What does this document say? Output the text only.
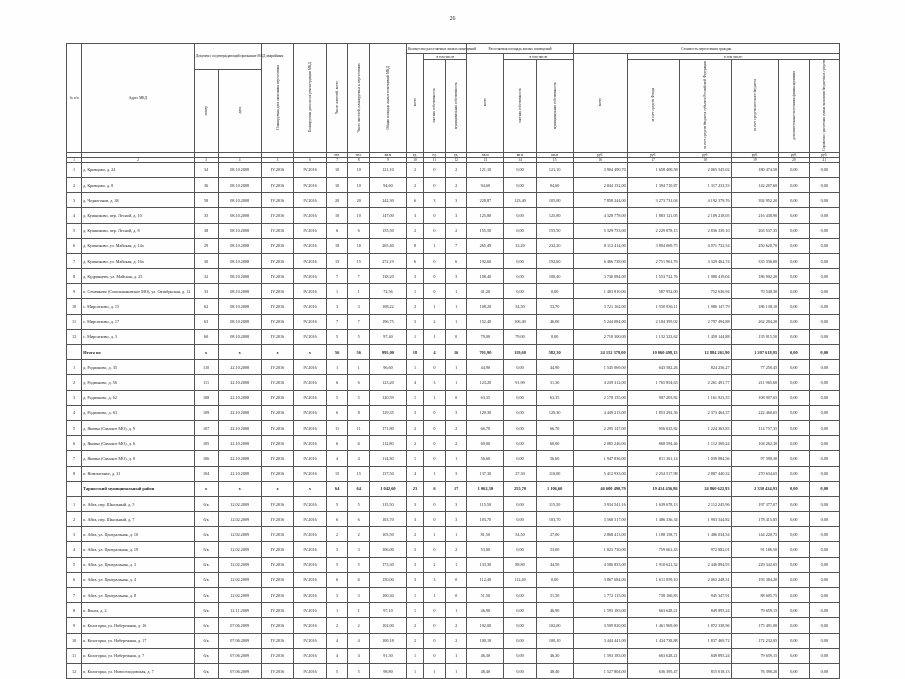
26
№ п/п	Адрес МКД	Документ, подтверждающий признание МКД аварийным		Планируемая дата окончания переселения	Планируемая дата сноса/реконструкции МКД	Число жителей, всего	Число жителей, планируемых к переселению	Общая площадь жилых помещений МКД	Количество расселяемых жилых помещений			Расселяемая площадь жилых помещений			Стоимость переселения граждан					
									всего	в том числе		всего	в том числе		всего	в том числе:				
										частная собственность	муниципальная собственность		частная собственность	муниципальная собственность		за счет средств Фонда	за счет средств бюджета субъекта Российской Федерации	за счет средств местного бюджета	дополнительные источники финансирования	Справочно: расчетная сумма экономии бюджетных средств
		номер	дата																	
						чел.	чел.	кв.м	ед.	ед.	ед.	кв.м	кв.м	кв.м	руб.	руб.	руб.	руб.	руб.	руб.
1	2	3	4	5	6	7	8	9	10	11	12	13	14	15	16	17	18	19	20	21
1	д. Кривцово, д. 24	34	08.10.2008	IV.2016	IV.2016	10	10	121,10	2	0	2	121,10	0,00	121,10	3 904 490,70	1 658 400,58	2 065 545,02	180 474,50	0,00	0,00
2	д. Кривцово, д. 8	36	08.10.2008	IV.2016	IV.2016	10	10	94,60	2	0	2	94,60	0,00	94,60	2 844 152,00	1 394 710,87	1 317 233,53	142 207,60	0,00	0,00
3	д. Чеднегонов, д. 38	58	08.10.2008	IV.2016	IV.2016	20	20	242,30	6	3	3	228,87	123,40	105,00	7 858 244,00	3 273 731,04	4 192 379,76	392 952,20	0,00	0,00
4	д. Кушниково, пер. Лесной, д. 10	35	08.10.2008	IV.2016	IV.2016	10	10	147,00	3	0	3	125,80	0,00	125,80	4 328 778,00	1 883 121,05	2 109 218,05	216 438,90	0,00	0,00
5	д. Кушниково, пер. Лесной, д. 8	38	08.10.2008	IV.2016	IV.2016	6	6	155,50	2	0	2	155,50	0,00	155,50	5 329 753,00	2 229 878,15	2 836 339,10	263 537,35	0,00	0,00
6	д. Кушниково, ул. Майская, д. 14а	29	08.10.2008	IV.2016	IV.2016	18	18	265,40	8	1	7	265,49	33,20	232,20	8 112 414,00	3 804 069,75	4 071 732,54	450 620,70	0,00	0,00
7	д. Кушниково, ул. Майская, д. 16а	30	08.10.2008	IV.2016	IV.2016	15	15	272,19	6	0	6	192,60	0,00	192,60	6 466 738,00	2 751 961,76	3 329 462,74	335 336,00	0,00	0,00
8	д. Кудрянцево, ул. Майская, д. 25	32	08.10.2008	IV.2016	IV.2016	7	7	138,20	3	0	3	108,40	0,00	108,40	3 730 084,00	1 553 722,76	1 980 419,04	186 902,20	0,00	0,00
9	п. Семенково (Сокольниковское МО), ул. Октябрьская, д. 12	33	08.10.2008	IV.2016	IV.2016	1	1	72,56	1	0	1	41,20	0,00	0,00	1 403 810,00	587 952,00	752 636,94	70 540,30	0,00	0,00
10	с. Мирсатково, д. 15	62	08.10.2008	IV.2016	IV.2016	3	3	108,22	2	1	1	108,20	54,50	53,70	3 721 162,00	1 550 836,11	1 986 147,79	186 138,10	0,00	0,00
11	с. Мирсатково, д. 17	63	08.10.2008	IV.2016	IV.2016	7	7	196,75	3	2	1	152,40	106,40	46,00	5 244 084,00	2 184 395,02	2 797 494,88	262 204,20	0,00	0,00
12	с. Мирсатково, д. 3	60	08.10.2008	IV.2016	IV.2016	5	5	97,40	1	1	0	79,00	79,00	0,00	2 718 300,00	1 132 323,62	1 450 144,88	135 915,50	0,00	0,00
	Итого по	x	x	x	x	56	56	995,00	18	4	16	701,90	119,60	582,30	24 152 379,00	10 060 498,15	12 884 261,90	1 207 618,95	0,00	0,00
1	д. Родионово, д. 35	110	22.10.2008	IV.2016	IV.2016	1	1	96,60	1	0	1	44,90	0,00	44,90	1 545 069,00	643 582,26	824 236,27	77 250,45	0,00	0,00
2	д. Родионово, д. 56	111	22.10.2008	IV.2016	IV.2016	6	6	123,20	4	3	1	123,20	91,90	31,30	4 239 312,00	1 765 854,63	2 261 491,77	211 965,60	0,00	0,00
3	д. Родионово, д. 62	108	22.10.2008	IV.2016	IV.2016	5	5	120,59	1	1	0	63,35	0,00	63,35	2 178 155,00	907 203,82	1 161 923,55	108 907,65	0,00	0,00
4	д. Родионово, д. 63	109	22.10.2008	IV.2016	IV.2016	6	8	129,35	3	0	3	129,30	0,00	129,30	4 449 213,00	1 853 292,36	2 373 464,37	222 460,65	0,00	0,00
5	д. Яковка (Сямское МО), д. 9	107	22.10.2008	IV.2016	IV.2016	11	11	171,80	2	0	2	66,70	0,00	66,70	2 295 147,00	956 025,82	1 224 363,83	114 757,35	0,00	0,00
6	д. Яковка (Сямское МО), д. 6	105	22.10.2008	IV.2016	IV.2016	6	6	112,80	2	0	2	60,00	0,00	60,00	2 085 246,00	868 594,46	1 112 369,24	104 262,30	0,00	0,00
7	д. Яковка (Сямское МО), д. 8	106	22.10.2008	IV.2016	IV.2016	4	4	114,30	1	0	1	56,60	0,00	56,60	1 947 836,00	811 361,14	1 039 084,56	97 390,30	0,00	0,00
8	п. Новозатонье, д. 31	104	22.10.2008	IV.2016	IV.2016	15	15	137,50	4	1	3	137,30	27,30	110,00	5 412 933,00	2 254 517,98	2 887 440,32	270 634,65	0,00	0,00
	Тарногский муниципальный район	x	x	x	x	64	64	1 042,60	23	6	17	1 062,30	255,70	1 106,60	46 600 490,79	19 414 436,86	24 860 622,93	2 330 424,93	0,00	0,00
1	п. Айга, пер. Школьный, д. 5	6/к	12.02.2009	IV.2016	IV.2016	5	5	115,50	3	0	3	115,50	0,00	115,50	3 934 541,16	1 639 678,13	2 112 245,96	197 377,07	0,00	0,00
2	п. Айга, пер. Школьный, д. 7	6/к	12.02.2009	IV.2016	IV.2016	6	6	103,70	3	0	3	103,70	0,00	103,70	3 568 317,00	1 486 336,34	1 903 544,82	178 415,85	0,00	0,00
3	п. Айга, ул. Центральная, д. 10	6/к	12.02.2009	IV.2016	IV.2016	2	2	105,50	2	1	1	81,50	54,50	27,00	2 868 413,00	1 188 158,71	1 486 034,54	144 220,75	0,00	0,00
4	п. Айга, ул. Центральная, д. 19	6/к	12.02.2009	IV.2016	IV.2016	3	3	106,00	2	0	2	53,00	0,00	53,00	1 823 730,00	759 661,43	972 882,01	91 186,50	0,00	0,00
5	п. Айга, ул. Центральная, д. 3	6/к	12.02.2009	IV.2016	IV.2016	5	5	173,30	3	2	1	133,30	88,80	44,50	4 586 853,00	1 910 621,32	2 446 894,93	229 342,65	0,00	0,00
6	п. Айга, ул. Центральная, д. 4	6/к	12.02.2009	IV.2016	IV.2016	6	6	150,00	3	3	0	112,40	112,40	0,00	3 867 684,00	1 611 059,10	2 063 248,31	193 384,20	0,00	0,00
7	п. Айга, ул. Центральная, д. 8	6/к	12.02.2009	IV.2016	IV.2016	3	3	100,30	1	1	0	51,50	0,00	51,50	1 772 115,00	738 160,83	945 347,91	88 605,75	0,00	0,00
8	п. Вонгa, д. 2	6/к	12.11.2009	IV.2016	IV.2016	1	1	97,10	1	0	1	46,90	0,00	46,90	1 593 183,00	663 628,21	849 895,24	79 659,15	0,00	0,00
9	п. Кологорка, ул. Набережная, д. 16	6/к	07.06.2009	IV.2016	IV.2016	2	2	102,00	2	0	2	102,00	0,00	102,00	3 509 820,00	1 461 969,69	1 872 338,96	175 491,00	0,00	0,00
10	п. Кологорка, ул. Набережная, д. 17	6/к	07.06.2009	IV.2016	IV.2016	4	4	100,18	2	0	2	100,10	0,00	100,10	3 444 441,00	1 434 738,88	1 837 469,72	172 232,05	0,00	0,00
11	п. Кологорка, ул. Набережная, д. 7	6/к	07.06.2009	IV.2016	IV.2016	4	4	91,30	1	0	1	46,30	0,00	46,30	1 593 183,00	663 628,21	849 895,24	79 659,15	0,00	0,00
12	п. Кологорка, ул. Новоселидовская, д. 7	6/к	07.06.2009	IV.2016	IV.2016	5	5	98,80	1	1	1	48,40	0,00	48,40	1 527 804,00	636 395,47	815 018,13	76 390,20	0,00	0,00
